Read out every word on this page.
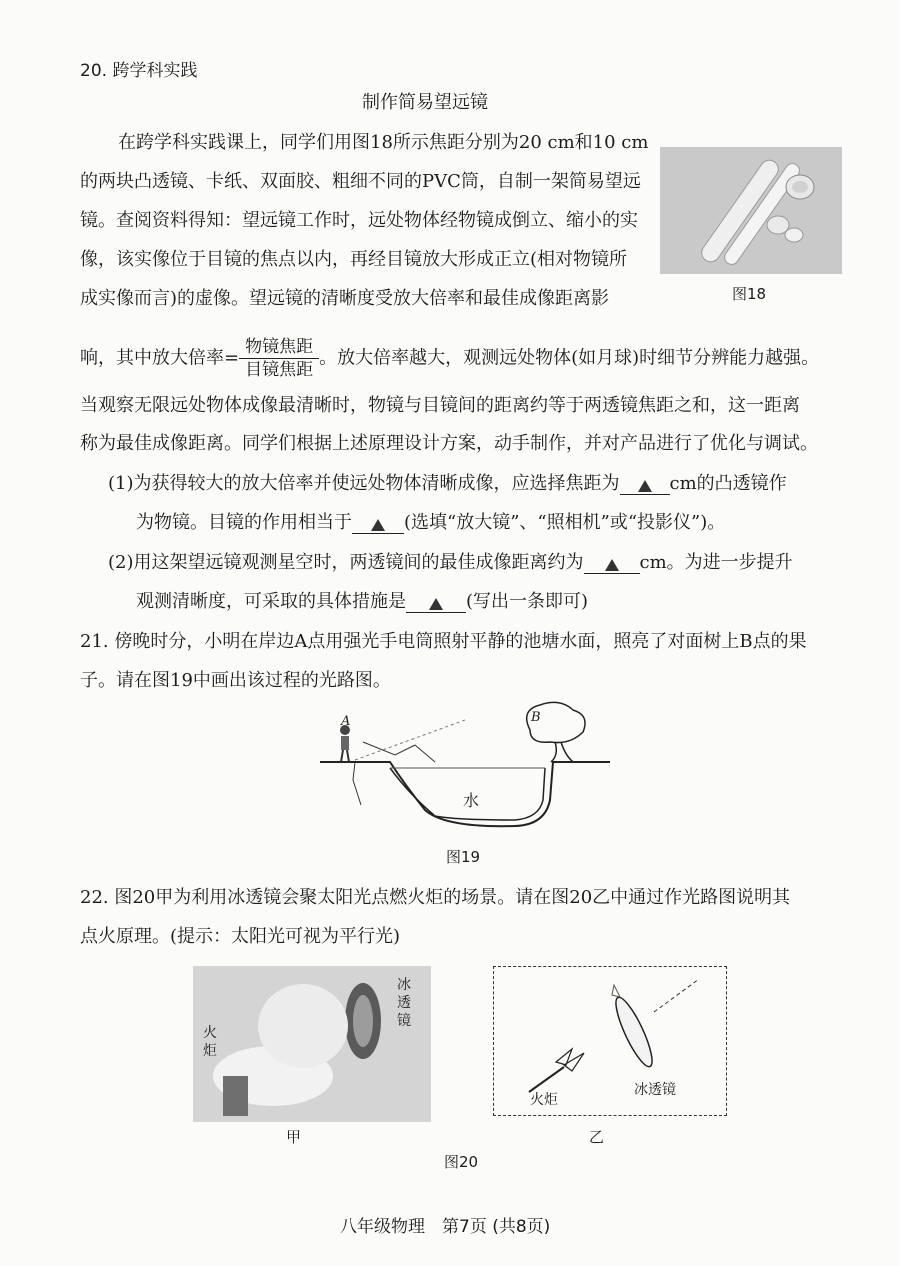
20. 跨学科实践
制作简易望远镜
在跨学科实践课上，同学们用图18所示焦距分别为20 cm和10 cm
的两块凸透镜、卡纸、双面胶、粗细不同的PVC筒，自制一架简易望远
镜。查阅资料得知：望远镜工作时，远处物体经物镜成倒立、缩小的实
像，该实像位于目镜的焦点以内，再经目镜放大形成正立(相对物镜所
成实像而言)的虚像。望远镜的清晰度受放大倍率和最佳成像距离影	图18
响，其中放大倍率= $\frac{\text{物镜焦距}}{\text{目镜焦距}}$ 。放大倍率越大，观测远处物体(如月球)时细节分辨能力越强。
当观察无限远处物体成像最清晰时，物镜与目镜间的距离约等于两透镜焦距之和，这一距离
称为最佳成像距离。同学们根据上述原理设计方案，动手制作，并对产品进行了优化与调试。
(1)为获得较大的放大倍率并使远处物体清晰成像，应选择焦距为	cm的凸透镜作
为物镜。目镜的作用相当于	(选填“放大镜”、“照相机”或“投影仪”)。
(2)用这架望远镜观测星空时，两透镜间的最佳成像距离约为	cm。为进一步提升
观测清晰度，可采取的具体措施是	(写出一条即可)
21. 傍晚时分，小明在岸边A点用强光手电筒照射平静的池塘水面，照亮了对面树上B点的果
子。请在图19中画出该过程的光路图。
A	B
水
图19
22. 图20甲为利用冰透镜会聚太阳光点燃火炬的场景。请在图20乙中通过作光路图说明其
点火原理。(提示：太阳光可视为平行光)
冰透镜
火炬
火炬
冰透镜
甲	乙
图20
八年级物理　第7页 (共8页)
